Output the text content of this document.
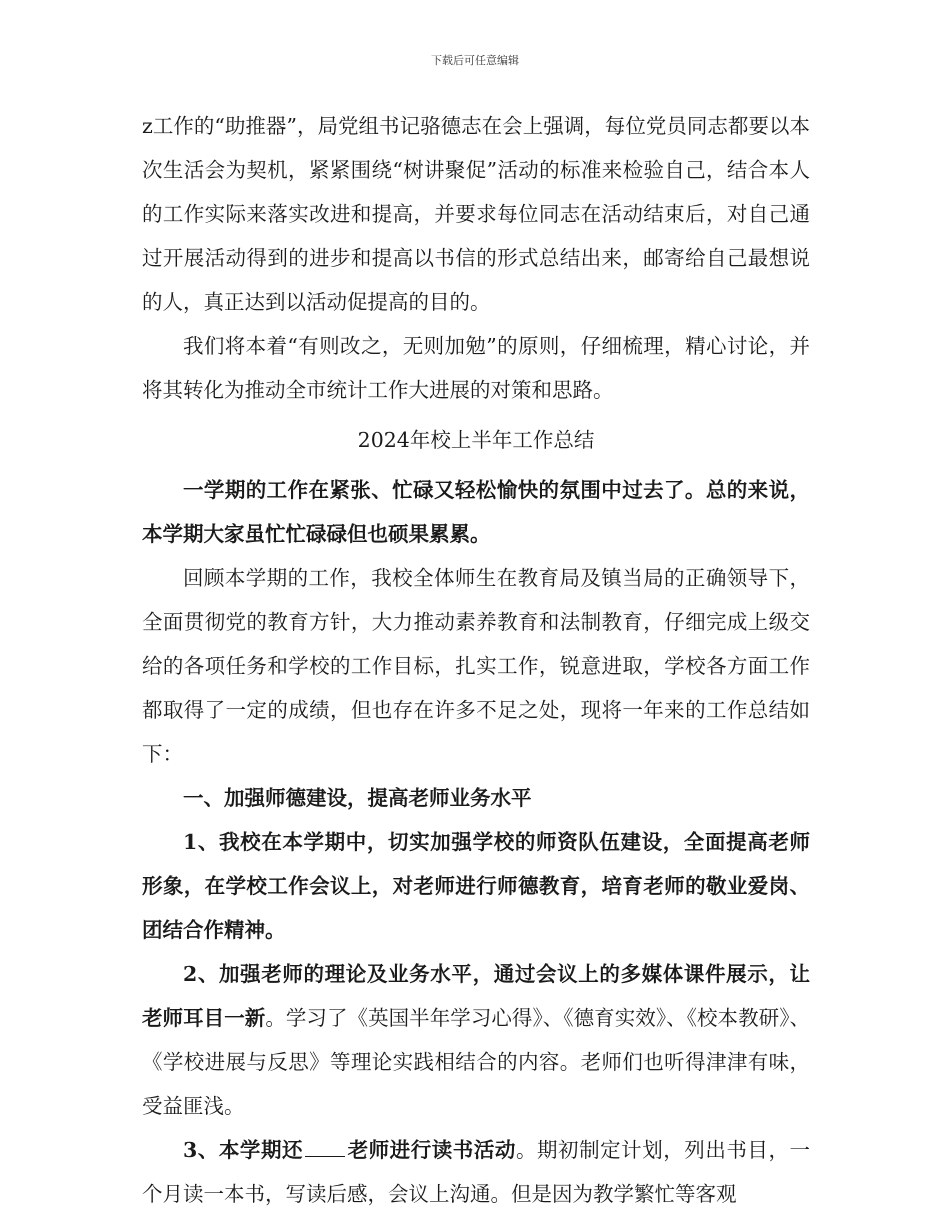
下载后可任意编辑

z工作的“助推器”，局党组书记骆德志在会上强调，每位党员同志都要以本次生活会为契机，紧紧围绕“树讲聚促”活动的标准来检验自己，结合本人的工作实际来落实改进和提高，并要求每位同志在活动结束后，对自己通过开展活动得到的进步和提高以书信的形式总结出来，邮寄给自己最想说的人，真正达到以活动促提高的目的。

我们将本着“有则改之，无则加勉”的原则，仔细梳理，精心讨论，并将其转化为推动全市统计工作大进展的对策和思路。

2024年校上半年工作总结

一学期的工作在紧张、忙碌又轻松愉快的氛围中过去了。总的来说，本学期大家虽忙忙碌碌但也硕果累累。

回顾本学期的工作，我校全体师生在教育局及镇当局的正确领导下，全面贯彻党的教育方针，大力推动素养教育和法制教育，仔细完成上级交给的各项任务和学校的工作目标，扎实工作，锐意进取，学校各方面工作都取得了一定的成绩，但也存在许多不足之处，现将一年来的工作总结如下：

一、加强师德建设，提高老师业务水平

1、我校在本学期中，切实加强学校的师资队伍建设，全面提高老师形象，在学校工作会议上，对老师进行师德教育，培育老师的敬业爱岗、团结合作精神。

2、加强老师的理论及业务水平，通过会议上的多媒体课件展示，让老师耳目一新。学习了《英国半年学习心得》、《德育实效》、《校本教研》、《学校进展与反思》等理论实践相结合的内容。老师们也听得津津有味，受益匪浅。

3、本学期还 老师进行读书活动。期初制定计划，列出书目，一个月读一本书，写读后感，会议上沟通。但是因为教学繁忙等客观
